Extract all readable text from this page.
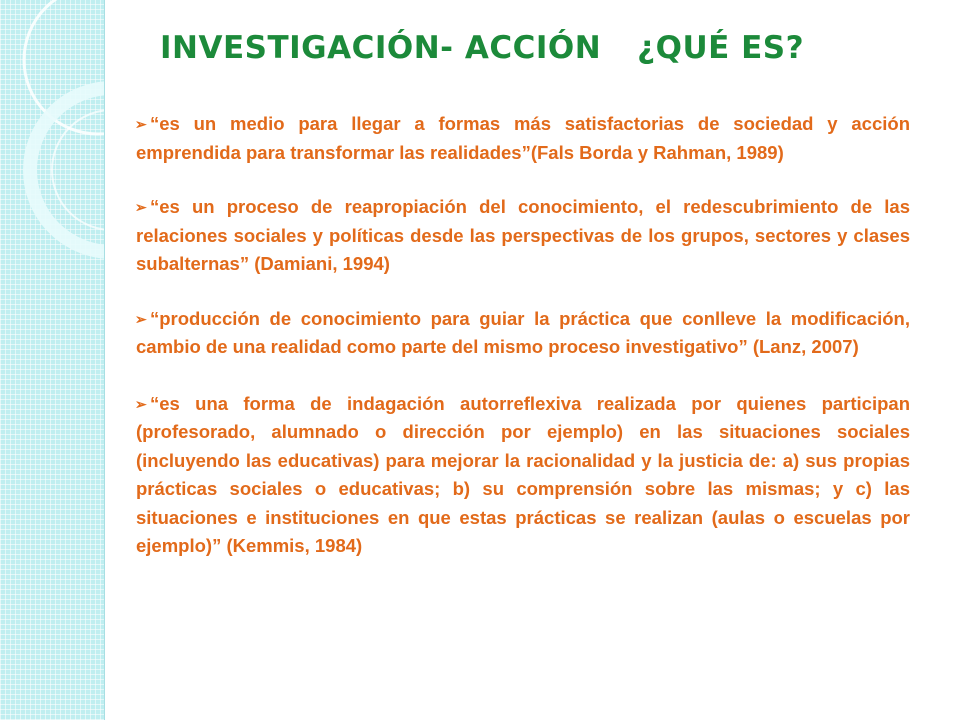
INVESTIGACIÓN- ACCIÓN ¿QUÉ ES?

➢ “es un medio para llegar a formas más satisfactorias de sociedad y acción emprendida para transformar las realidades”(Fals Borda y Rahman, 1989)

➢ “es un proceso de reapropiación del conocimiento, el redescubrimiento de las relaciones sociales y políticas desde las perspectivas de los grupos, sectores y clases subalternas” (Damiani, 1994)

➢ “producción de conocimiento para guiar la práctica que conlleve la modificación, cambio de una realidad como parte del mismo proceso investigativo” (Lanz, 2007)

➢ “es una forma de indagación autorreflexiva realizada por quienes participan (profesorado, alumnado o dirección por ejemplo) en las situaciones sociales (incluyendo las educativas) para mejorar la racionalidad y la justicia de: a) sus propias prácticas sociales o educativas; b) su comprensión sobre las mismas; y c) las situaciones e instituciones en que estas prácticas se realizan (aulas o escuelas por ejemplo)” (Kemmis, 1984)
